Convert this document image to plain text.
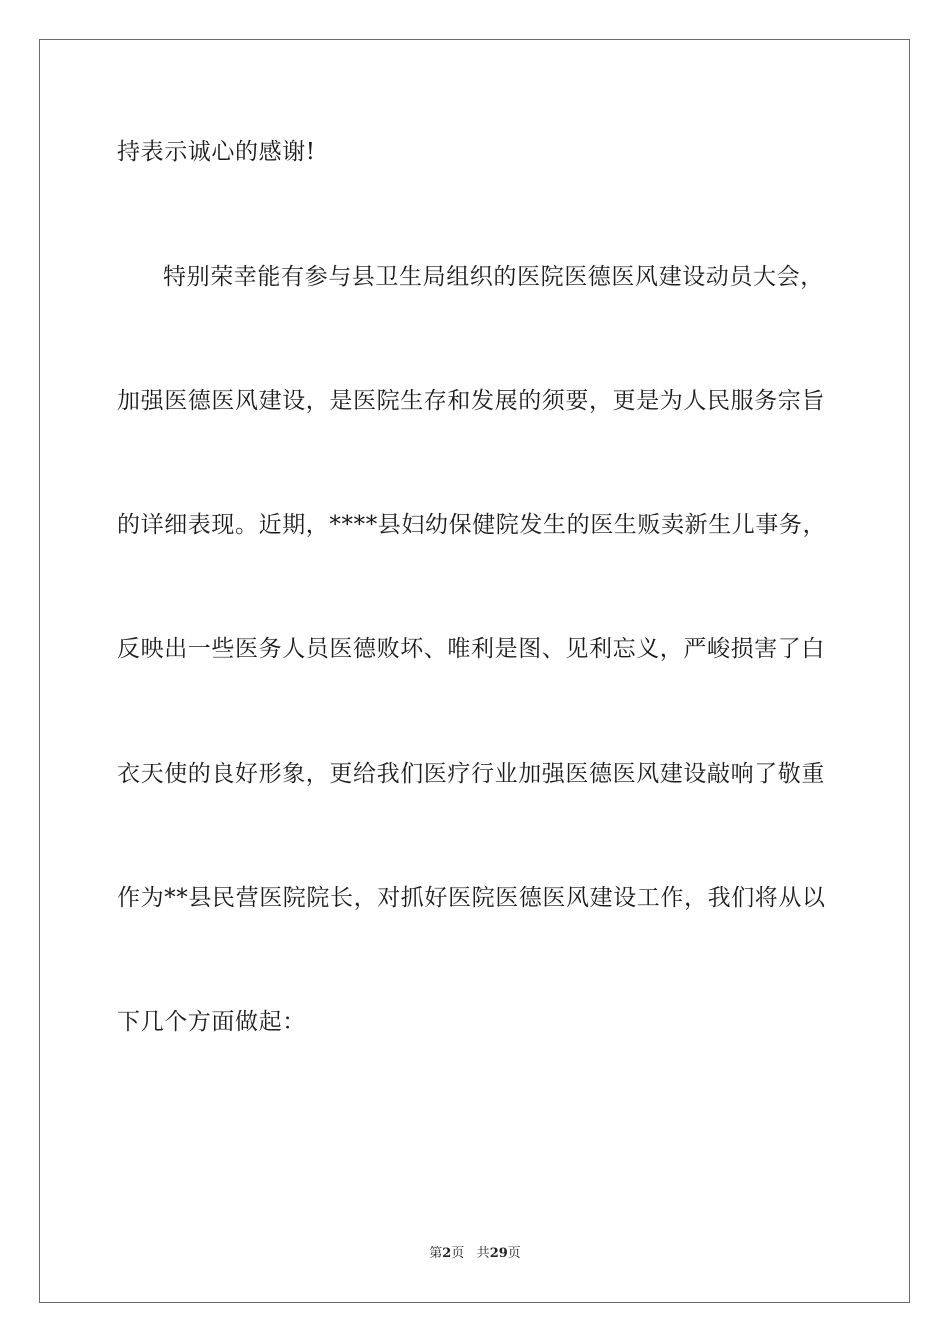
持表示诚心的感谢!
特别荣幸能有参与县卫生局组织的医院医德医风建设动员大会，
加强医德医风建设，是医院生存和发展的须要，更是为人民服务宗旨
的详细表现。近期，****县妇幼保健院发生的医生贩卖新生儿事务，
反映出一些医务人员医德败坏、唯利是图、见利忘义，严峻损害了白
衣天使的良好形象，更给我们医疗行业加强医德医风建设敲响了敬重
作为**县民营医院院长，对抓好医院医德医风建设工作，我们将从以
下几个方面做起：
第2页 共29页
